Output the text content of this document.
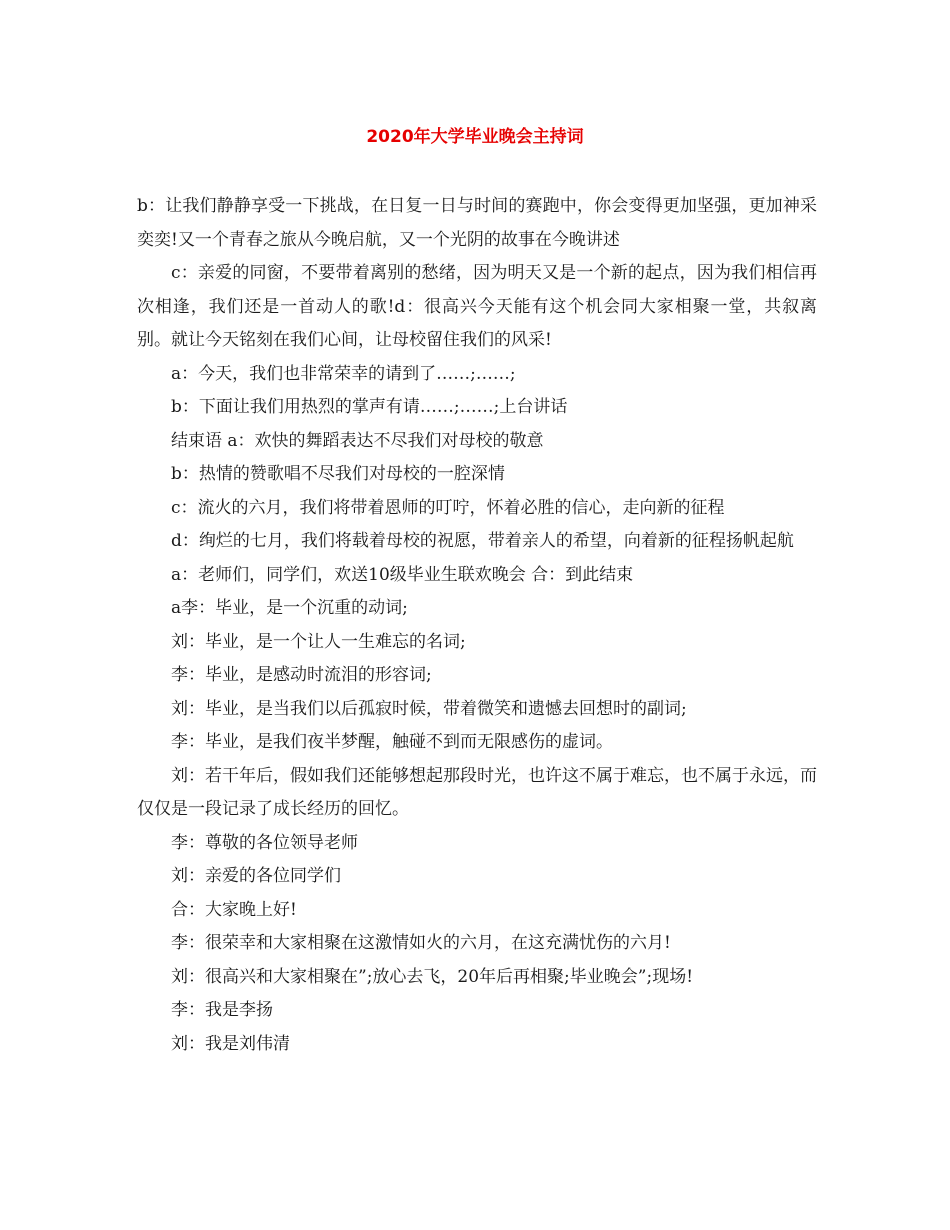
2020年大学毕业晚会主持词

b：让我们静静享受一下挑战，在日复一日与时间的赛跑中，你会变得更加坚强，更加神采奕奕!又一个青春之旅从今晚启航，又一个光阴的故事在今晚讲述

c：亲爱的同窗，不要带着离别的愁绪，因为明天又是一个新的起点，因为我们相信再次相逢，我们还是一首动人的歌!d：很高兴今天能有这个机会同大家相聚一堂，共叙离别。就让今天铭刻在我们心间，让母校留住我们的风采!

a：今天，我们也非常荣幸的请到了……;……;

b：下面让我们用热烈的掌声有请……;……;上台讲话

结束语 a：欢快的舞蹈表达不尽我们对母校的敬意

b：热情的赞歌唱不尽我们对母校的一腔深情

c：流火的六月，我们将带着恩师的叮咛，怀着必胜的信心，走向新的征程

d：绚烂的七月，我们将载着母校的祝愿，带着亲人的希望，向着新的征程扬帆起航

a：老师们，同学们，欢送10级毕业生联欢晚会 合：到此结束

a李：毕业，是一个沉重的动词;

刘：毕业，是一个让人一生难忘的名词;

李：毕业，是感动时流泪的形容词;

刘：毕业，是当我们以后孤寂时候，带着微笑和遗憾去回想时的副词;

李：毕业，是我们夜半梦醒，触碰不到而无限感伤的虚词。

刘：若干年后，假如我们还能够想起那段时光，也许这不属于难忘，也不属于永远，而仅仅是一段记录了成长经历的回忆。

李：尊敬的各位领导老师

刘：亲爱的各位同学们

合：大家晚上好!

李：很荣幸和大家相聚在这激情如火的六月，在这充满忧伤的六月!

刘：很高兴和大家相聚在”;放心去飞，20年后再相聚;毕业晚会”;现场!

李：我是李扬

刘：我是刘伟清
